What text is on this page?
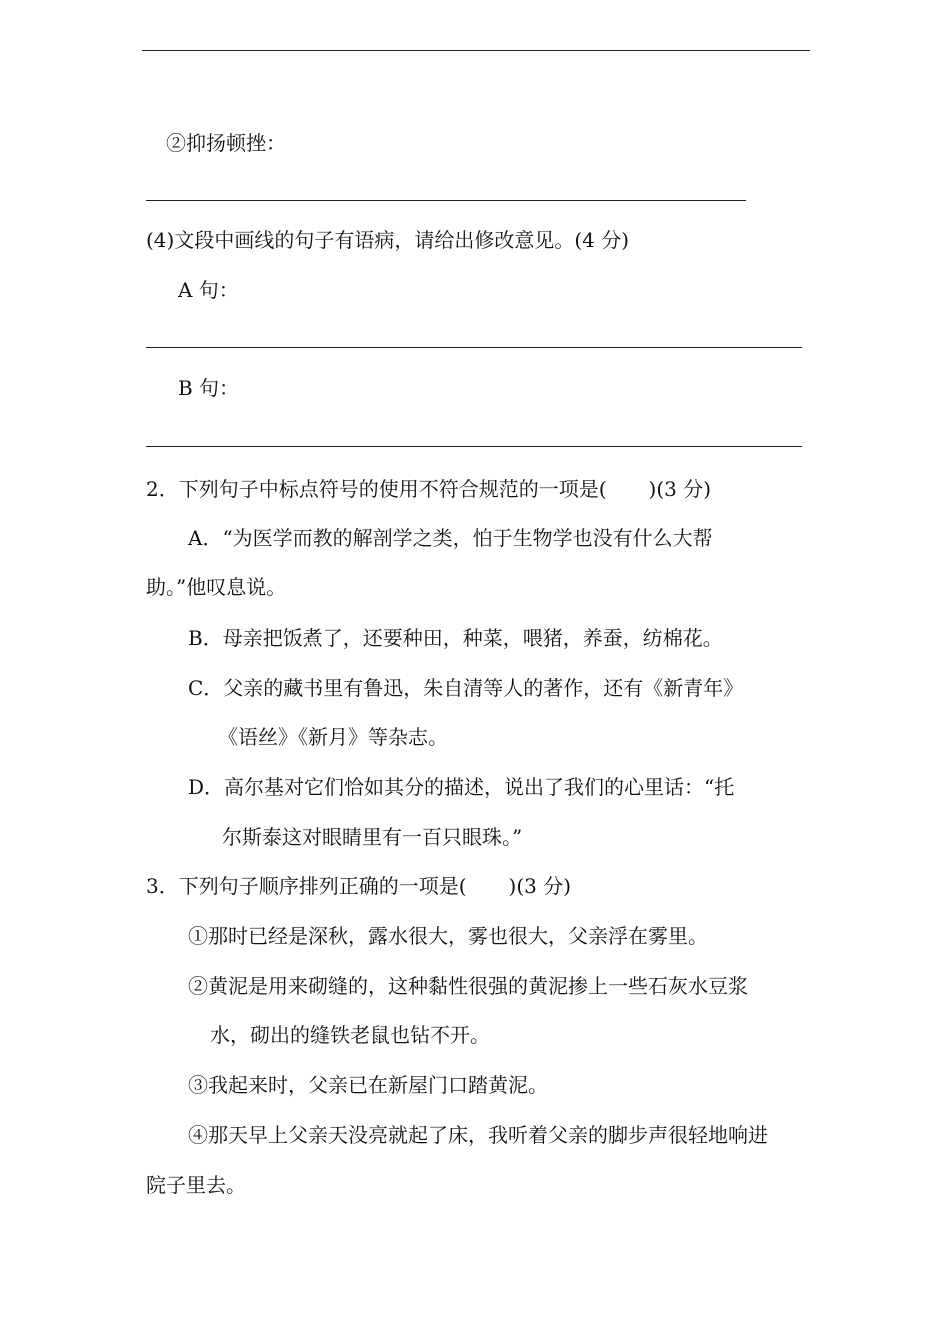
②抑扬顿挫：
(4)文段中画线的句子有语病，请给出修改意见。(4 分)
A 句：
B 句：
2．下列句子中标点符号的使用不符合规范的一项是( )(3 分)
A．“为医学而教的解剖学之类，怕于生物学也没有什么大帮
助。”他叹息说。
B．母亲把饭煮了，还要种田，种菜，喂猪，养蚕，纺棉花。
C．父亲的藏书里有鲁迅，朱自清等人的著作，还有《新青年》
《语丝》《新月》等杂志。
D．高尔基对它们恰如其分的描述，说出了我们的心里话：“托
尔斯泰这对眼睛里有一百只眼珠。”
3．下列句子顺序排列正确的一项是( )(3 分)
①那时已经是深秋，露水很大，雾也很大，父亲浮在雾里。
②黄泥是用来砌缝的，这种黏性很强的黄泥掺上一些石灰水豆浆
水，砌出的缝铁老鼠也钻不开。
③我起来时，父亲已在新屋门口踏黄泥。
④那天早上父亲天没亮就起了床，我听着父亲的脚步声很轻地响进
院子里去。
